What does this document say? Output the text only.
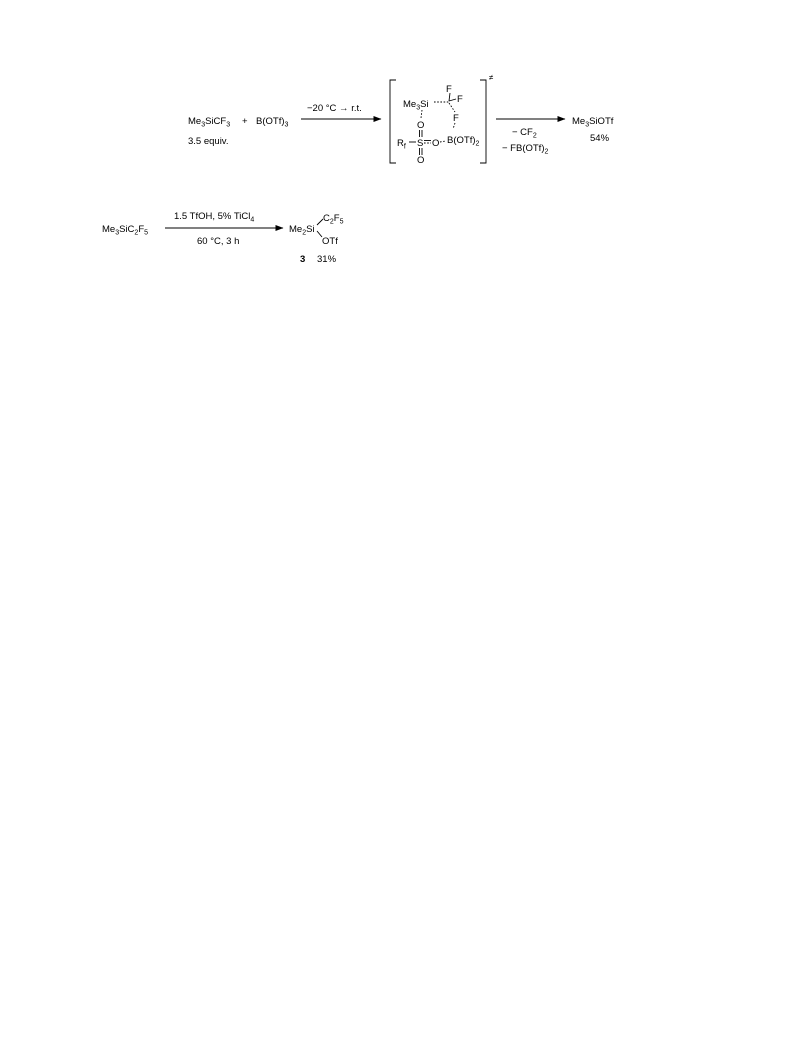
$Me_3SiCF_3 + B(OTf)_3$
3.5 equiv.
−20 °C → r.t.
≠
$Me_3Si$
F
F
F
O
$R_f$ S O $B(OTf)_2$
O
− $CF_2$
− $FB(OTf)_2$
$Me_3SiOTf$
54%
$Me_3SiC_2F_5$
1.5 TfOH, 5% TiCl$_4$
60 °C, 3 h
$Me_2Si$
$C_2F_5$
OTf
3 31%
